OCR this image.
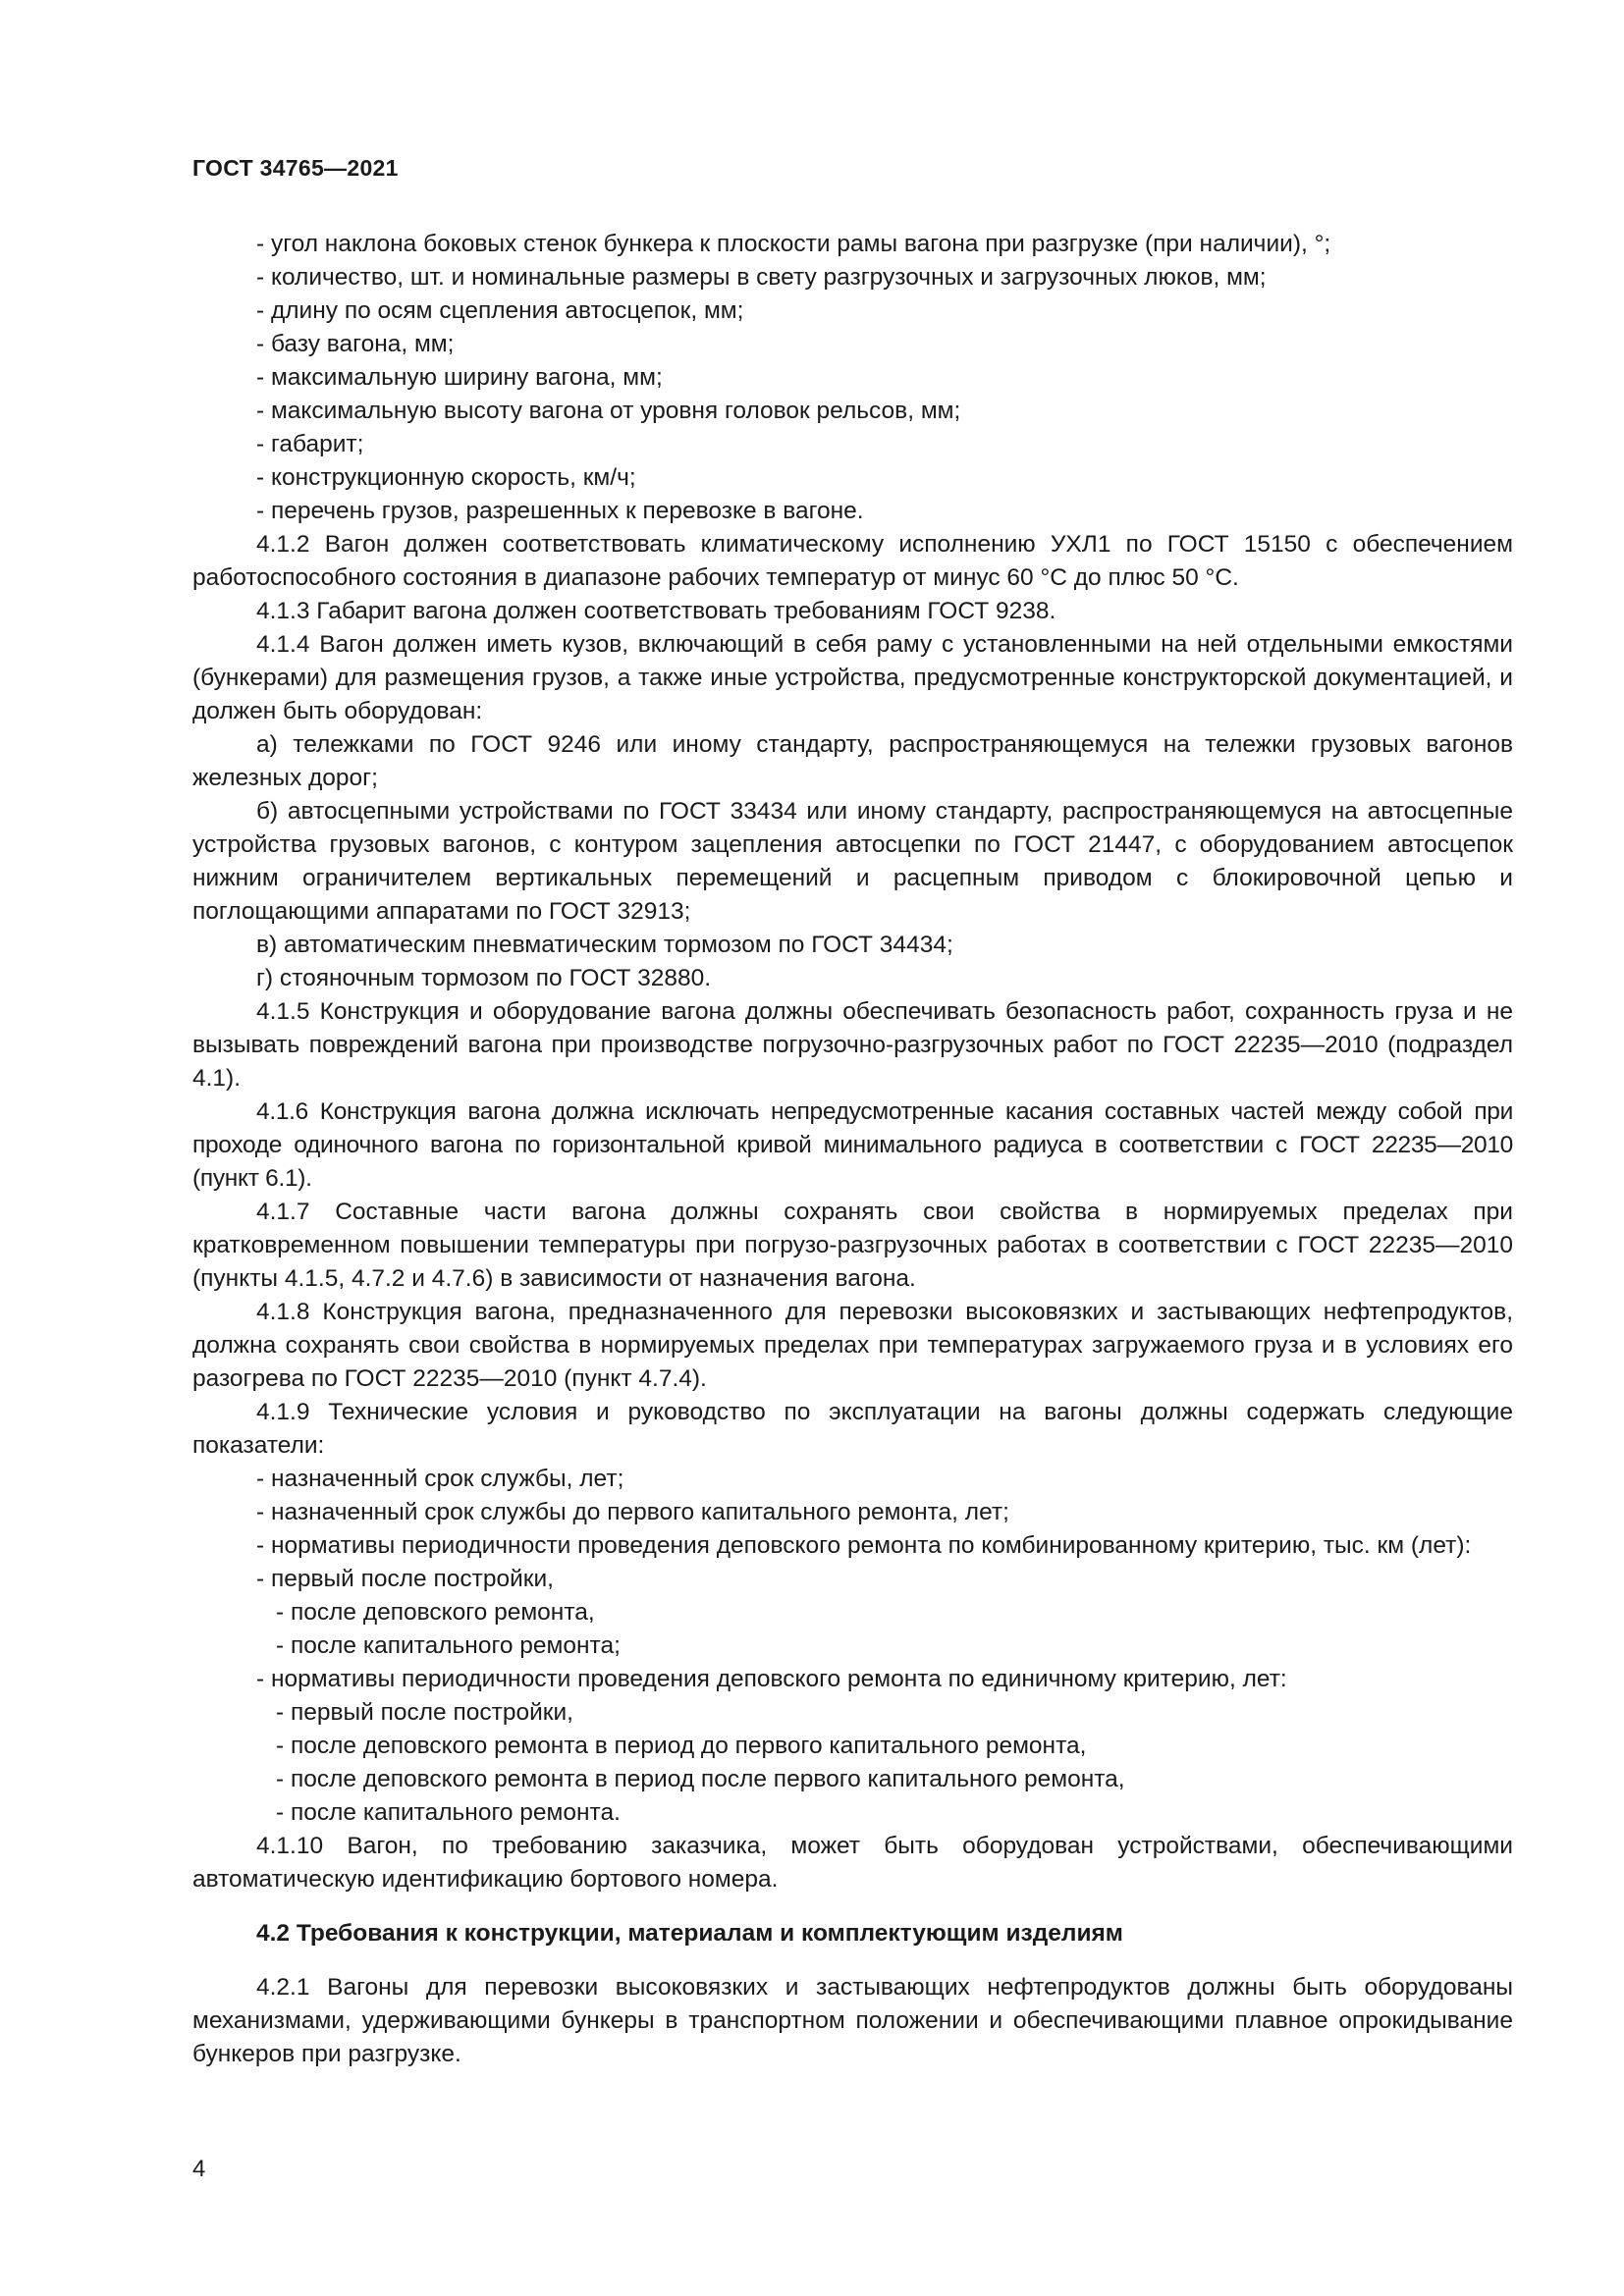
ГОСТ 34765—2021

- угол наклона боковых стенок бункера к плоскости рамы вагона при разгрузке (при наличии), °;

- количество, шт. и номинальные размеры в свету разгрузочных и загрузочных люков, мм;

- длину по осям сцепления автосцепок, мм;

- базу вагона, мм;

- максимальную ширину вагона, мм;

- максимальную высоту вагона от уровня головок рельсов, мм;

- габарит;

- конструкционную скорость, км/ч;

- перечень грузов, разрешенных к перевозке в вагоне.

4.1.2 Вагон должен соответствовать климатическому исполнению УХЛ1 по ГОСТ 15150 с обеспечением работоспособного состояния в диапазоне рабочих температур от минус 60 °С до плюс 50 °С.

4.1.3 Габарит вагона должен соответствовать требованиям ГОСТ 9238.

4.1.4 Вагон должен иметь кузов, включающий в себя раму с установленными на ней отдельными емкостями (бункерами) для размещения грузов, а также иные устройства, предусмотренные конструкторской документацией, и должен быть оборудован:

а) тележками по ГОСТ 9246 или иному стандарту, распространяющемуся на тележки грузовых вагонов железных дорог;

б) автосцепными устройствами по ГОСТ 33434 или иному стандарту, распространяющемуся на автосцепные устройства грузовых вагонов, с контуром зацепления автосцепки по ГОСТ 21447, с оборудованием автосцепок нижним ограничителем вертикальных перемещений и расцепным приводом с блокировочной цепью и поглощающими аппаратами по ГОСТ 32913;

в) автоматическим пневматическим тормозом по ГОСТ 34434;

г) стояночным тормозом по ГОСТ 32880.

4.1.5 Конструкция и оборудование вагона должны обеспечивать безопасность работ, сохранность груза и не вызывать повреждений вагона при производстве погрузочно-разгрузочных работ по ГОСТ 22235—2010 (подраздел 4.1).

4.1.6 Конструкция вагона должна исключать непредусмотренные касания составных частей между собой при проходе одиночного вагона по горизонтальной кривой минимального радиуса в соответствии с ГОСТ 22235—2010 (пункт 6.1).

4.1.7 Составные части вагона должны сохранять свои свойства в нормируемых пределах при кратковременном повышении температуры при погрузо-разгрузочных работах в соответствии с ГОСТ 22235—2010 (пункты 4.1.5, 4.7.2 и 4.7.6) в зависимости от назначения вагона.

4.1.8 Конструкция вагона, предназначенного для перевозки высоковязких и застывающих нефтепродуктов, должна сохранять свои свойства в нормируемых пределах при температурах загружаемого груза и в условиях его разогрева по ГОСТ 22235—2010 (пункт 4.7.4).

4.1.9 Технические условия и руководство по эксплуатации на вагоны должны содержать следующие показатели:

- назначенный срок службы, лет;

- назначенный срок службы до первого капитального ремонта, лет;

- нормативы периодичности проведения деповского ремонта по комбинированному критерию, тыс. км (лет):

- первый после постройки,

- после деповского ремонта,

- после капитального ремонта;

- нормативы периодичности проведения деповского ремонта по единичному критерию, лет:

- первый после постройки,

- после деповского ремонта в период до первого капитального ремонта,

- после деповского ремонта в период после первого капитального ремонта,

- после капитального ремонта.

4.1.10 Вагон, по требованию заказчика, может быть оборудован устройствами, обеспечивающими автоматическую идентификацию бортового номера.

4.2 Требования к конструкции, материалам и комплектующим изделиям

4.2.1 Вагоны для перевозки высоковязких и застывающих нефтепродуктов должны быть оборудованы механизмами, удерживающими бункеры в транспортном положении и обеспечивающими плавное опрокидывание бункеров при разгрузке.

4
